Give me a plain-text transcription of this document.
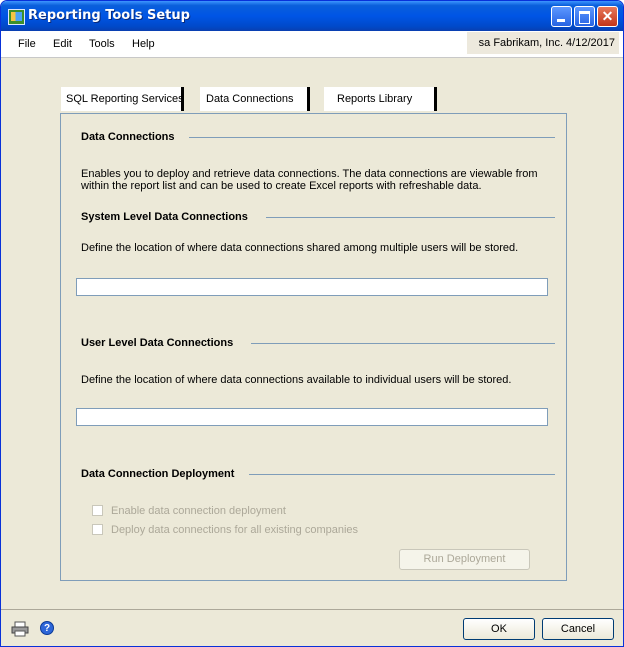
Reporting Tools Setup	✕
File Edit Tools Help	sa Fabrikam, Inc. 4/12/2017
SQL Reporting Services	Data Connections	Reports Library
Data Connections
Enables you to deploy and retrieve data connections. The data connections are viewable from
within the report list and can be used to create Excel reports with refreshable data.
System Level Data Connections
Define the location of where data connections shared among multiple users will be stored.
User Level Data Connections
Define the location of where data connections available to individual users will be stored.
Data Connection Deployment
Enable data connection deployment
Deploy data connections for all existing companies
Run Deployment
?	OK	Cancel
